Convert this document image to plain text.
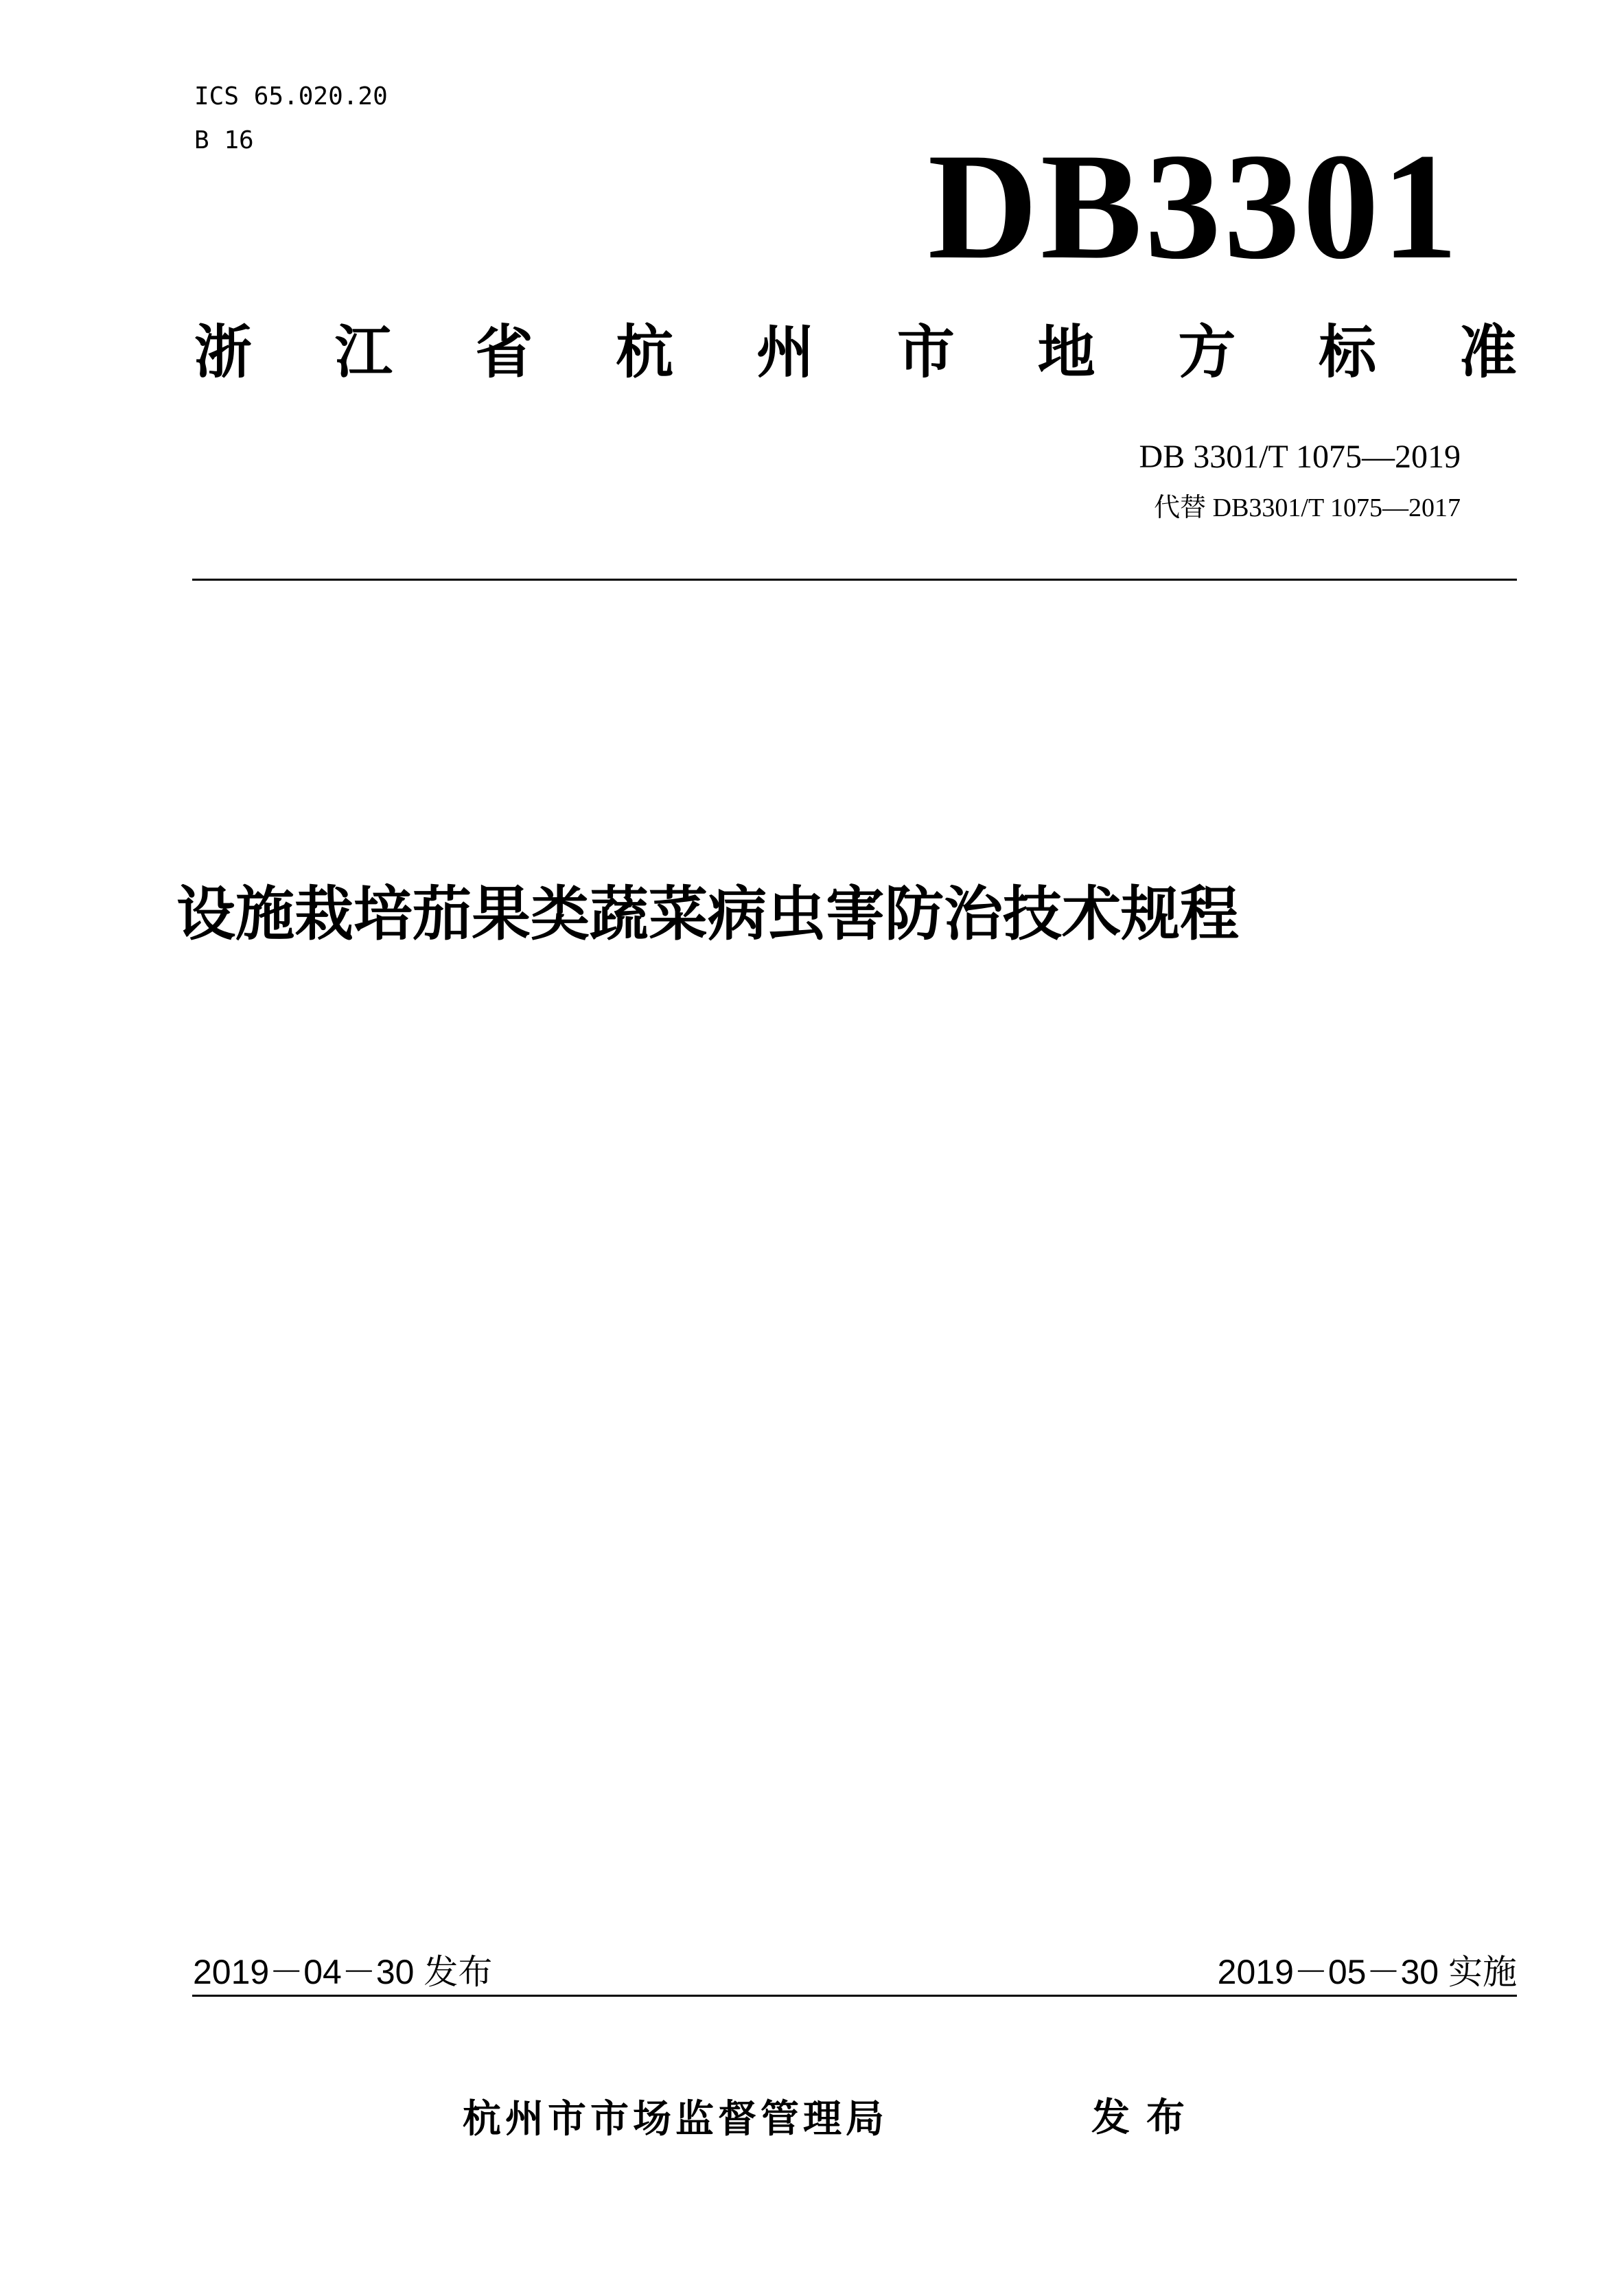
ICS 65.020.20

B 16	DB3301

浙 江 省 杭 州 市 地 方 标 准

DB 3301/T 1075—2019

代替 DB3301/T 1075—2017

设施栽培茄果类蔬菜病虫害防治技术规程

2019－04－30 发布	2019－05－30 实施

杭州市市场监督管理局	发布
